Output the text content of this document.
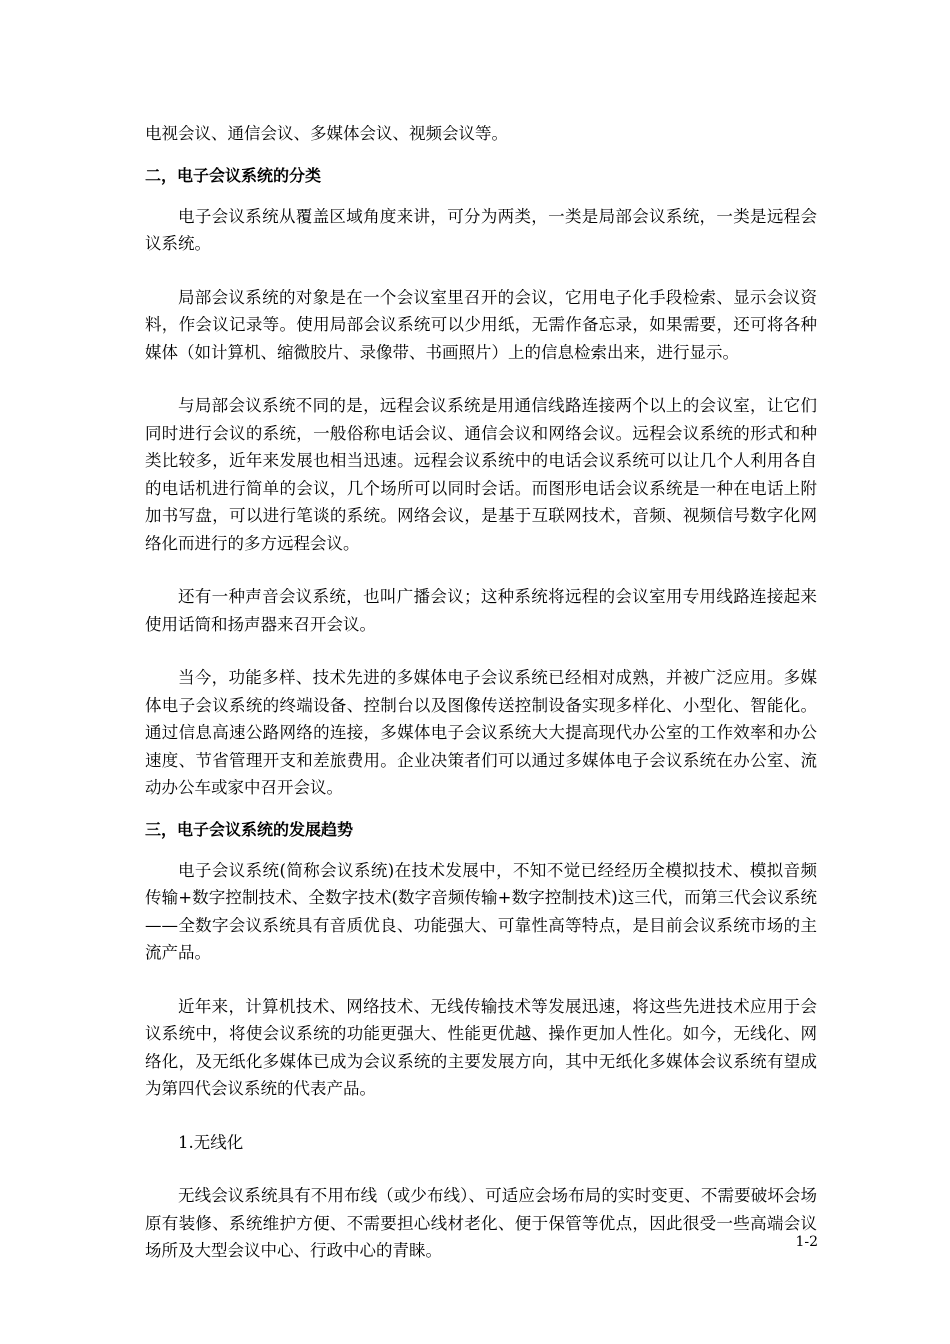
电视会议、通信会议、多媒体会议、视频会议等。

二，电子会议系统的分类

电子会议系统从覆盖区域角度来讲，可分为两类，一类是局部会议系统，一类是远程会议系统。

局部会议系统的对象是在一个会议室里召开的会议，它用电子化手段检索、显示会议资料，作会议记录等。使用局部会议系统可以少用纸，无需作备忘录，如果需要，还可将各种媒体（如计算机、缩微胶片、录像带、书画照片）上的信息检索出来，进行显示。

与局部会议系统不同的是，远程会议系统是用通信线路连接两个以上的会议室，让它们同时进行会议的系统，一般俗称电话会议、通信会议和网络会议。远程会议系统的形式和种类比较多，近年来发展也相当迅速。远程会议系统中的电话会议系统可以让几个人利用各自的电话机进行简单的会议，几个场所可以同时会话。而图形电话会议系统是一种在电话上附加书写盘，可以进行笔谈的系统。网络会议，是基于互联网技术，音频、视频信号数字化网络化而进行的多方远程会议。

还有一种声音会议系统，也叫广播会议；这种系统将远程的会议室用专用线路连接起来使用话筒和扬声器来召开会议。

当今，功能多样、技术先进的多媒体电子会议系统已经相对成熟，并被广泛应用。多媒体电子会议系统的终端设备、控制台以及图像传送控制设备实现多样化、小型化、智能化。通过信息高速公路网络的连接，多媒体电子会议系统大大提高现代办公室的工作效率和办公速度、节省管理开支和差旅费用。企业决策者们可以通过多媒体电子会议系统在办公室、流动办公车或家中召开会议。

三，电子会议系统的发展趋势

电子会议系统(简称会议系统)在技术发展中，不知不觉已经经历全模拟技术、模拟音频传输+数字控制技术、全数字技术(数字音频传输+数字控制技术)这三代，而第三代会议系统——全数字会议系统具有音质优良、功能强大、可靠性高等特点，是目前会议系统市场的主流产品。

近年来，计算机技术、网络技术、无线传输技术等发展迅速，将这些先进技术应用于会议系统中，将使会议系统的功能更强大、性能更优越、操作更加人性化。如今，无线化、网络化，及无纸化多媒体已成为会议系统的主要发展方向，其中无纸化多媒体会议系统有望成为第四代会议系统的代表产品。

1.无线化

无线会议系统具有不用布线（或少布线）、可适应会场布局的实时变更、不需要破坏会场原有装修、系统维护方便、不需要担心线材老化、便于保管等优点，因此很受一些高端会议场所及大型会议中心、行政中心的青睐。	1-2
